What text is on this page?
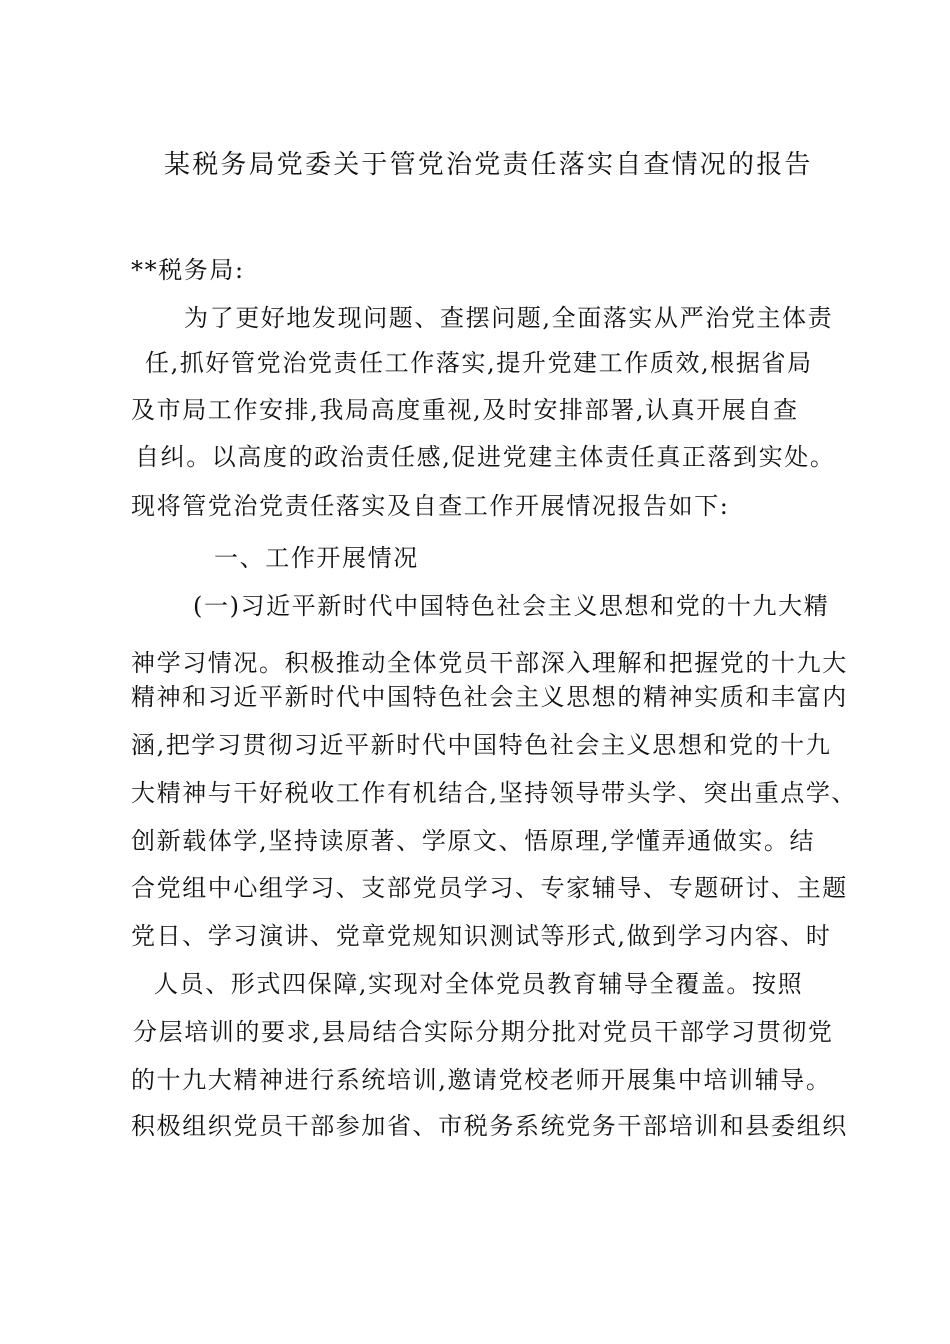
某税务局党委关于管党治党责任落实自查情况的报告
**税务局:
为了更好地发现问题、查摆问题,全面落实从严治党主体责
任,抓好管党治党责任工作落实,提升党建工作质效,根据省局
及市局工作安排,我局高度重视,及时安排部署,认真开展自查
自纠。以高度的政治责任感,促进党建主体责任真正落到实处。
现将管党治党责任落实及自查工作开展情况报告如下:
一、工作开展情况
(一)习近平新时代中国特色社会主义思想和党的十九大精
神学习情况。积极推动全体党员干部深入理解和把握党的十九大
精神和习近平新时代中国特色社会主义思想的精神实质和丰富内
涵,把学习贯彻习近平新时代中国特色社会主义思想和党的十九
大精神与干好税收工作有机结合,坚持领导带头学、突出重点学、
创新载体学,坚持读原著、学原文、悟原理,学懂弄通做实。结
合党组中心组学习、支部党员学习、专家辅导、专题研讨、主题
党日、学习演讲、党章党规知识测试等形式,做到学习内容、时
人员、形式四保障,实现对全体党员教育辅导全覆盖。按照
分层培训的要求,县局结合实际分期分批对党员干部学习贯彻党
的十九大精神进行系统培训,邀请党校老师开展集中培训辅导。
积极组织党员干部参加省、市税务系统党务干部培训和县委组织
